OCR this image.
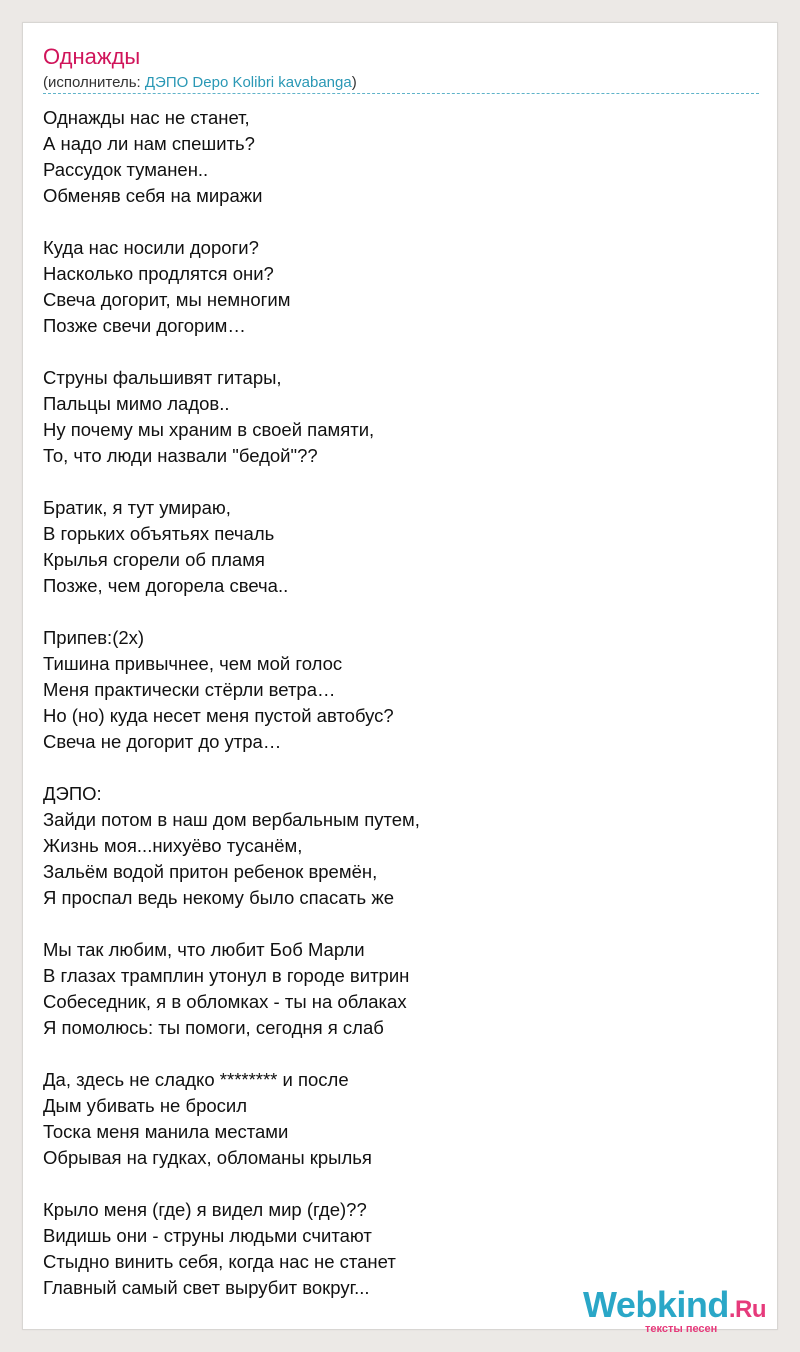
Однажды
(исполнитель: ДЭПО Depo Kolibri kavabanga)
Однажды нас не станет,
А надо ли нам спешить?
Рассудок туманен..
Обменяв себя на миражи
Куда нас носили дороги?
Насколько продлятся они?
Свеча догорит, мы немногим
Позже свечи догорим…
Струны фальшивят гитары,
Пальцы мимо ладов..
Ну почему мы храним в своей памяти,
То, что люди назвали "бедой"??
Братик, я тут умираю,
В горьких объятьях печаль
Крылья сгорели об пламя
Позже, чем догорела свеча..
Припев:(2x)
Тишина привычнее, чем мой голос
Меня практически стёрли ветра…
Но (но) куда несет меня пустой автобус?
Свеча не догорит до утра…
ДЭПО:
Зайди потом в наш дом вербальным путем,
Жизнь моя...нихуёво тусанём,
Зальём водой притон ребенок времён,
Я проспал ведь некому было спасать же
Мы так любим, что любит Боб Марли
В глазах трамплин утонул в городе витрин
Собеседник, я в обломках - ты на облаках
Я помолюсь: ты помоги, сегодня я слаб
Да, здесь не сладко ******** и после
Дым убивать не бросил
Тоска меня манила местами
Обрывая на гудках, обломаны крылья
Крыло меня (где) я видел мир (где)??
Видишь они - струны людьми считают
Стыдно винить себя, когда нас не станет
Главный самый свет вырубит вокруг...	Webkind.Ru
тексты песен
